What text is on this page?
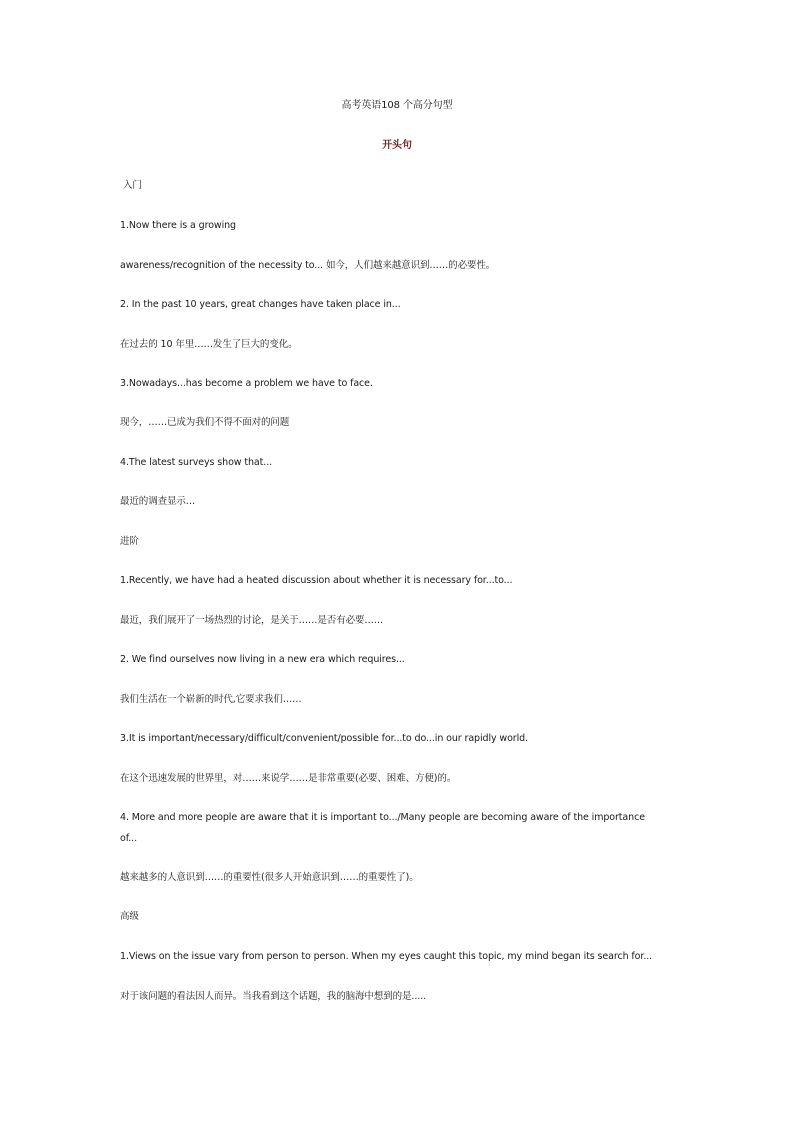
高考英语108 个高分句型
开头句
入门
1.Now there is a growing
awareness/recognition of the necessity to... 如今，人们越来越意识到……的必要性。
2. In the past 10 years, great changes have taken place in...
在过去的 10 年里……发生了巨大的变化。
3.Nowadays...has become a problem we have to face.
现今，……已成为我们不得不面对的问题
4.The latest surveys show that...
最近的调查显示…
进阶
1.Recently, we have had a heated discussion about whether it is necessary for...to...
最近，我们展开了一场热烈的讨论，是关于……是否有必要……
2. We find ourselves now living in a new era which requires...
我们生活在一个崭新的时代,它要求我们……
3.It is important/necessary/difficult/convenient/possible for...to do...in our rapidly world.
在这个迅速发展的世界里，对……来说学……是非常重要(必要、困难、方便)的。
4. More and more people are aware that it is important to.../Many people are becoming aware of the importance
of...
越来越多的人意识到……的重要性(很多人开始意识到……的重要性了)。
高级
1.Views on the issue vary from person to person. When my eyes caught this topic, my mind began its search for...
对于该问题的看法因人而异。当我看到这个话题，我的脑海中想到的是.....
